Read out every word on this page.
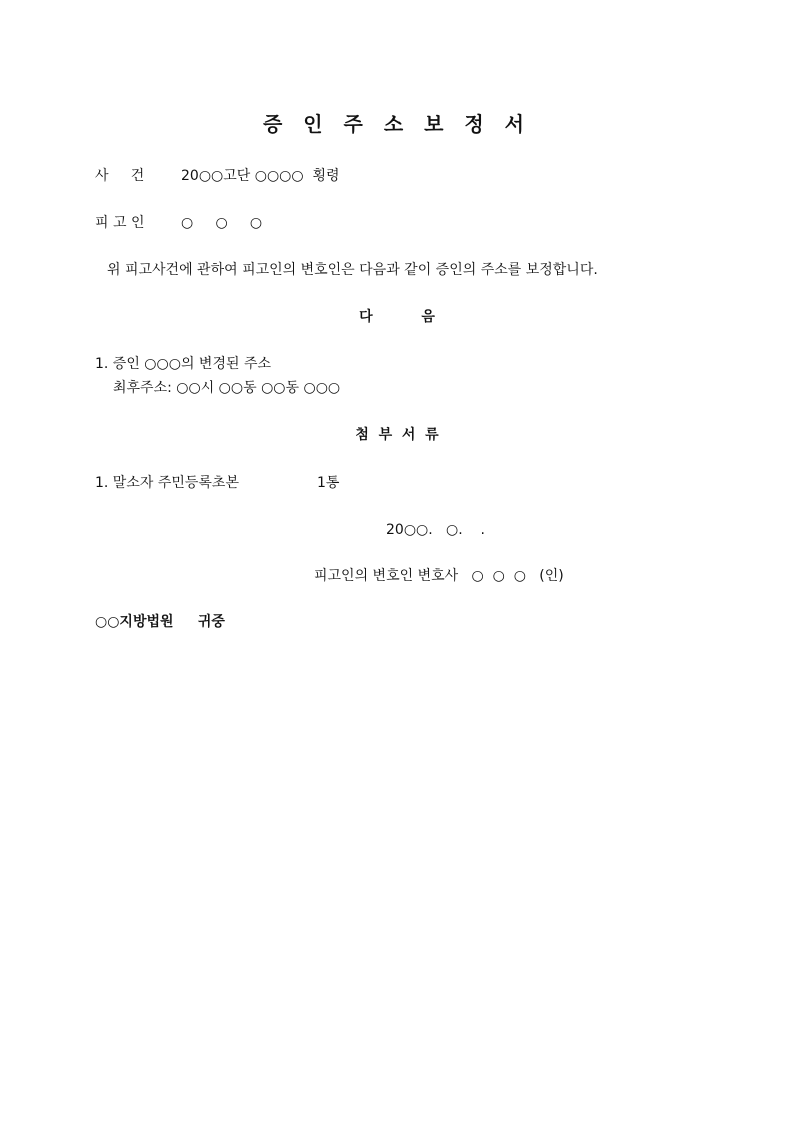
증 인 주 소 보 정 서
사     건	20○○고단 ○○○○  횡령
피 고 인	○     ○     ○
위 피고사건에 관하여 피고인의 변호인은 다음과 같이 증인의 주소를 보정합니다.
다          음
1. 증인 ○○○의 변경된 주소
최후주소: ○○시 ○○동 ○○동 ○○○
첨  부  서  류
1. 말소자 주민등록초본	1통
20○○.   ○.    .
피고인의 변호인 변호사   ○  ○  ○   (인)
○○지방법원     귀중
